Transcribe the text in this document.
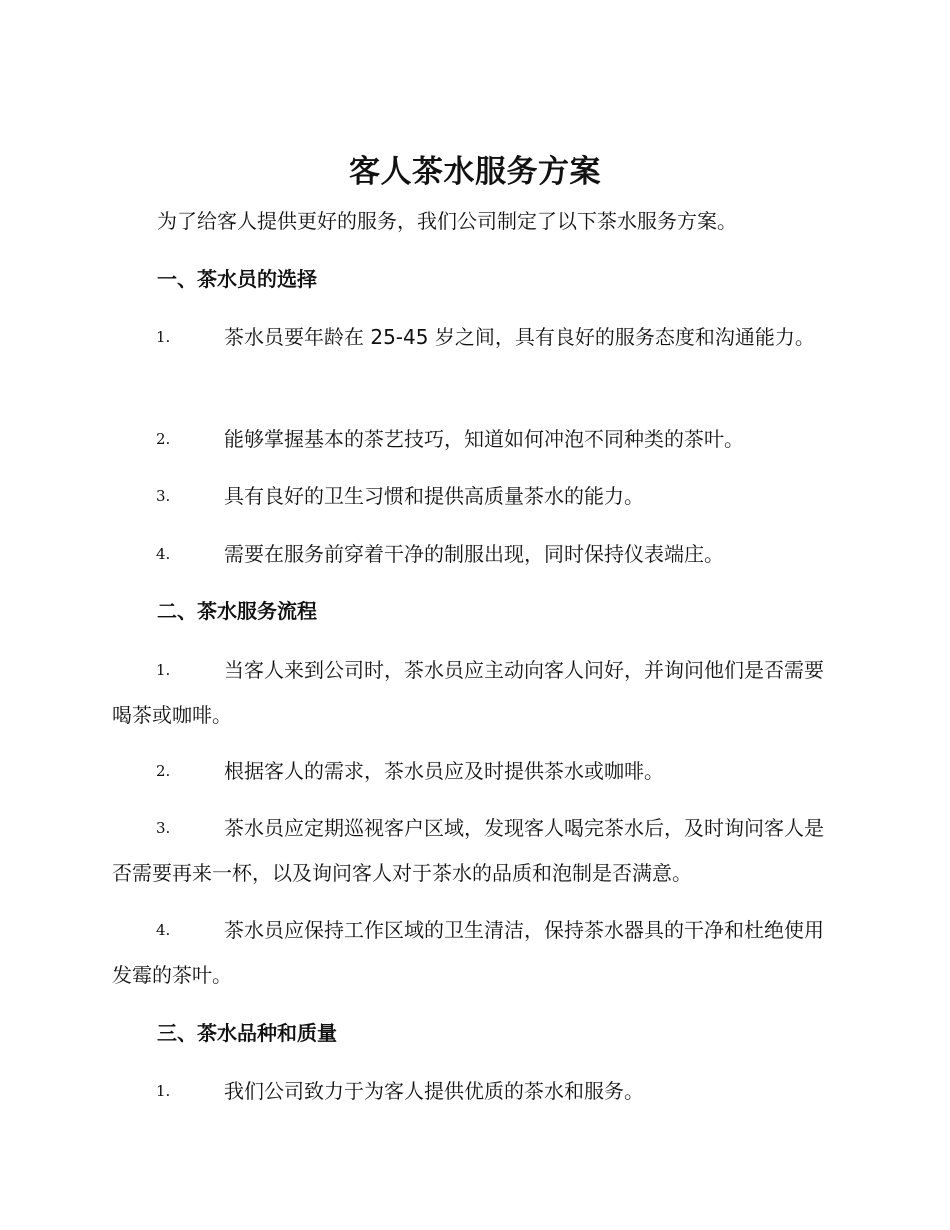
客人茶水服务方案
为了给客人提供更好的服务，我们公司制定了以下茶水服务方案。
一、茶水员的选择
1.	茶水员要年龄在 25-45 岁之间，具有良好的服务态度和沟通能力。

2.	能够掌握基本的茶艺技巧，知道如何冲泡不同种类的茶叶。

3.	具有良好的卫生习惯和提供高质量茶水的能力。

4.	需要在服务前穿着干净的制服出现，同时保持仪表端庄。

二、茶水服务流程
1.	当客人来到公司时，茶水员应主动向客人问好，并询问他们是否需要喝茶或咖啡。

2.	根据客人的需求，茶水员应及时提供茶水或咖啡。

3.	茶水员应定期巡视客户区域，发现客人喝完茶水后，及时询问客人是否需要再来一杯，以及询问客人对于茶水的品质和泡制是否满意。

4.	茶水员应保持工作区域的卫生清洁，保持茶水器具的干净和杜绝使用发霉的茶叶。

三、茶水品种和质量
1.	我们公司致力于为客人提供优质的茶水和服务。
